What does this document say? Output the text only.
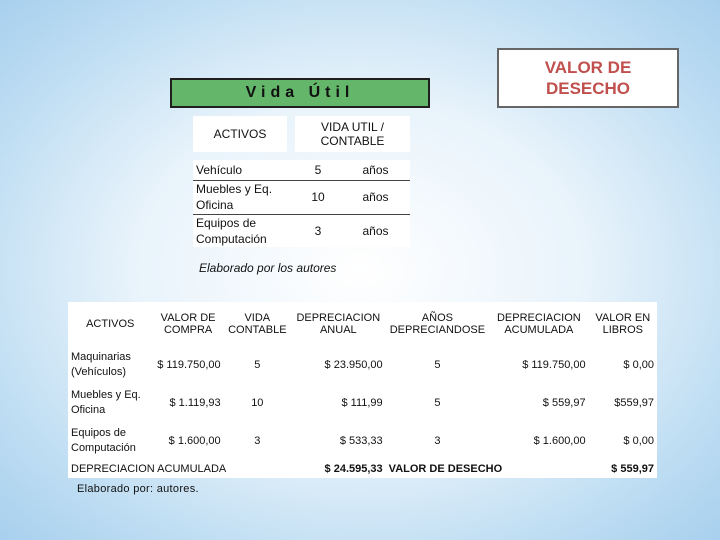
Vida Útil
VALOR DE
DESECHO
ACTIVOS		VIDA UTIL / CONTABLE	

Vehículo		5	años
Muebles y Eq. Oficina		10	años
Equipos de Computación		3	años
Elaborado por los autores
ACTIVOS	VALOR DE COMPRA	VIDA CONTABLE	DEPRECIACION ANUAL	AÑOS DEPRECIANDOSE	DEPRECIACION ACUMULADA	VALOR EN LIBROS
Maquinarias (Vehículos)	$ 119.750,00	5	$ 23.950,00	5	$ 119.750,00	$ 0,00
Muebles y Eq. Oficina	$ 1.119,93	10	$ 111,99	5	$ 559,97	$559,97
Equipos de Computación	$ 1.600,00	3	$ 533,33	3	$ 1.600,00	$ 0,00
DEPRECIACION ACUMULADA			$ 24.595,33	VALOR DE DESECHO		$ 559,97
Elaborado por: autores.
